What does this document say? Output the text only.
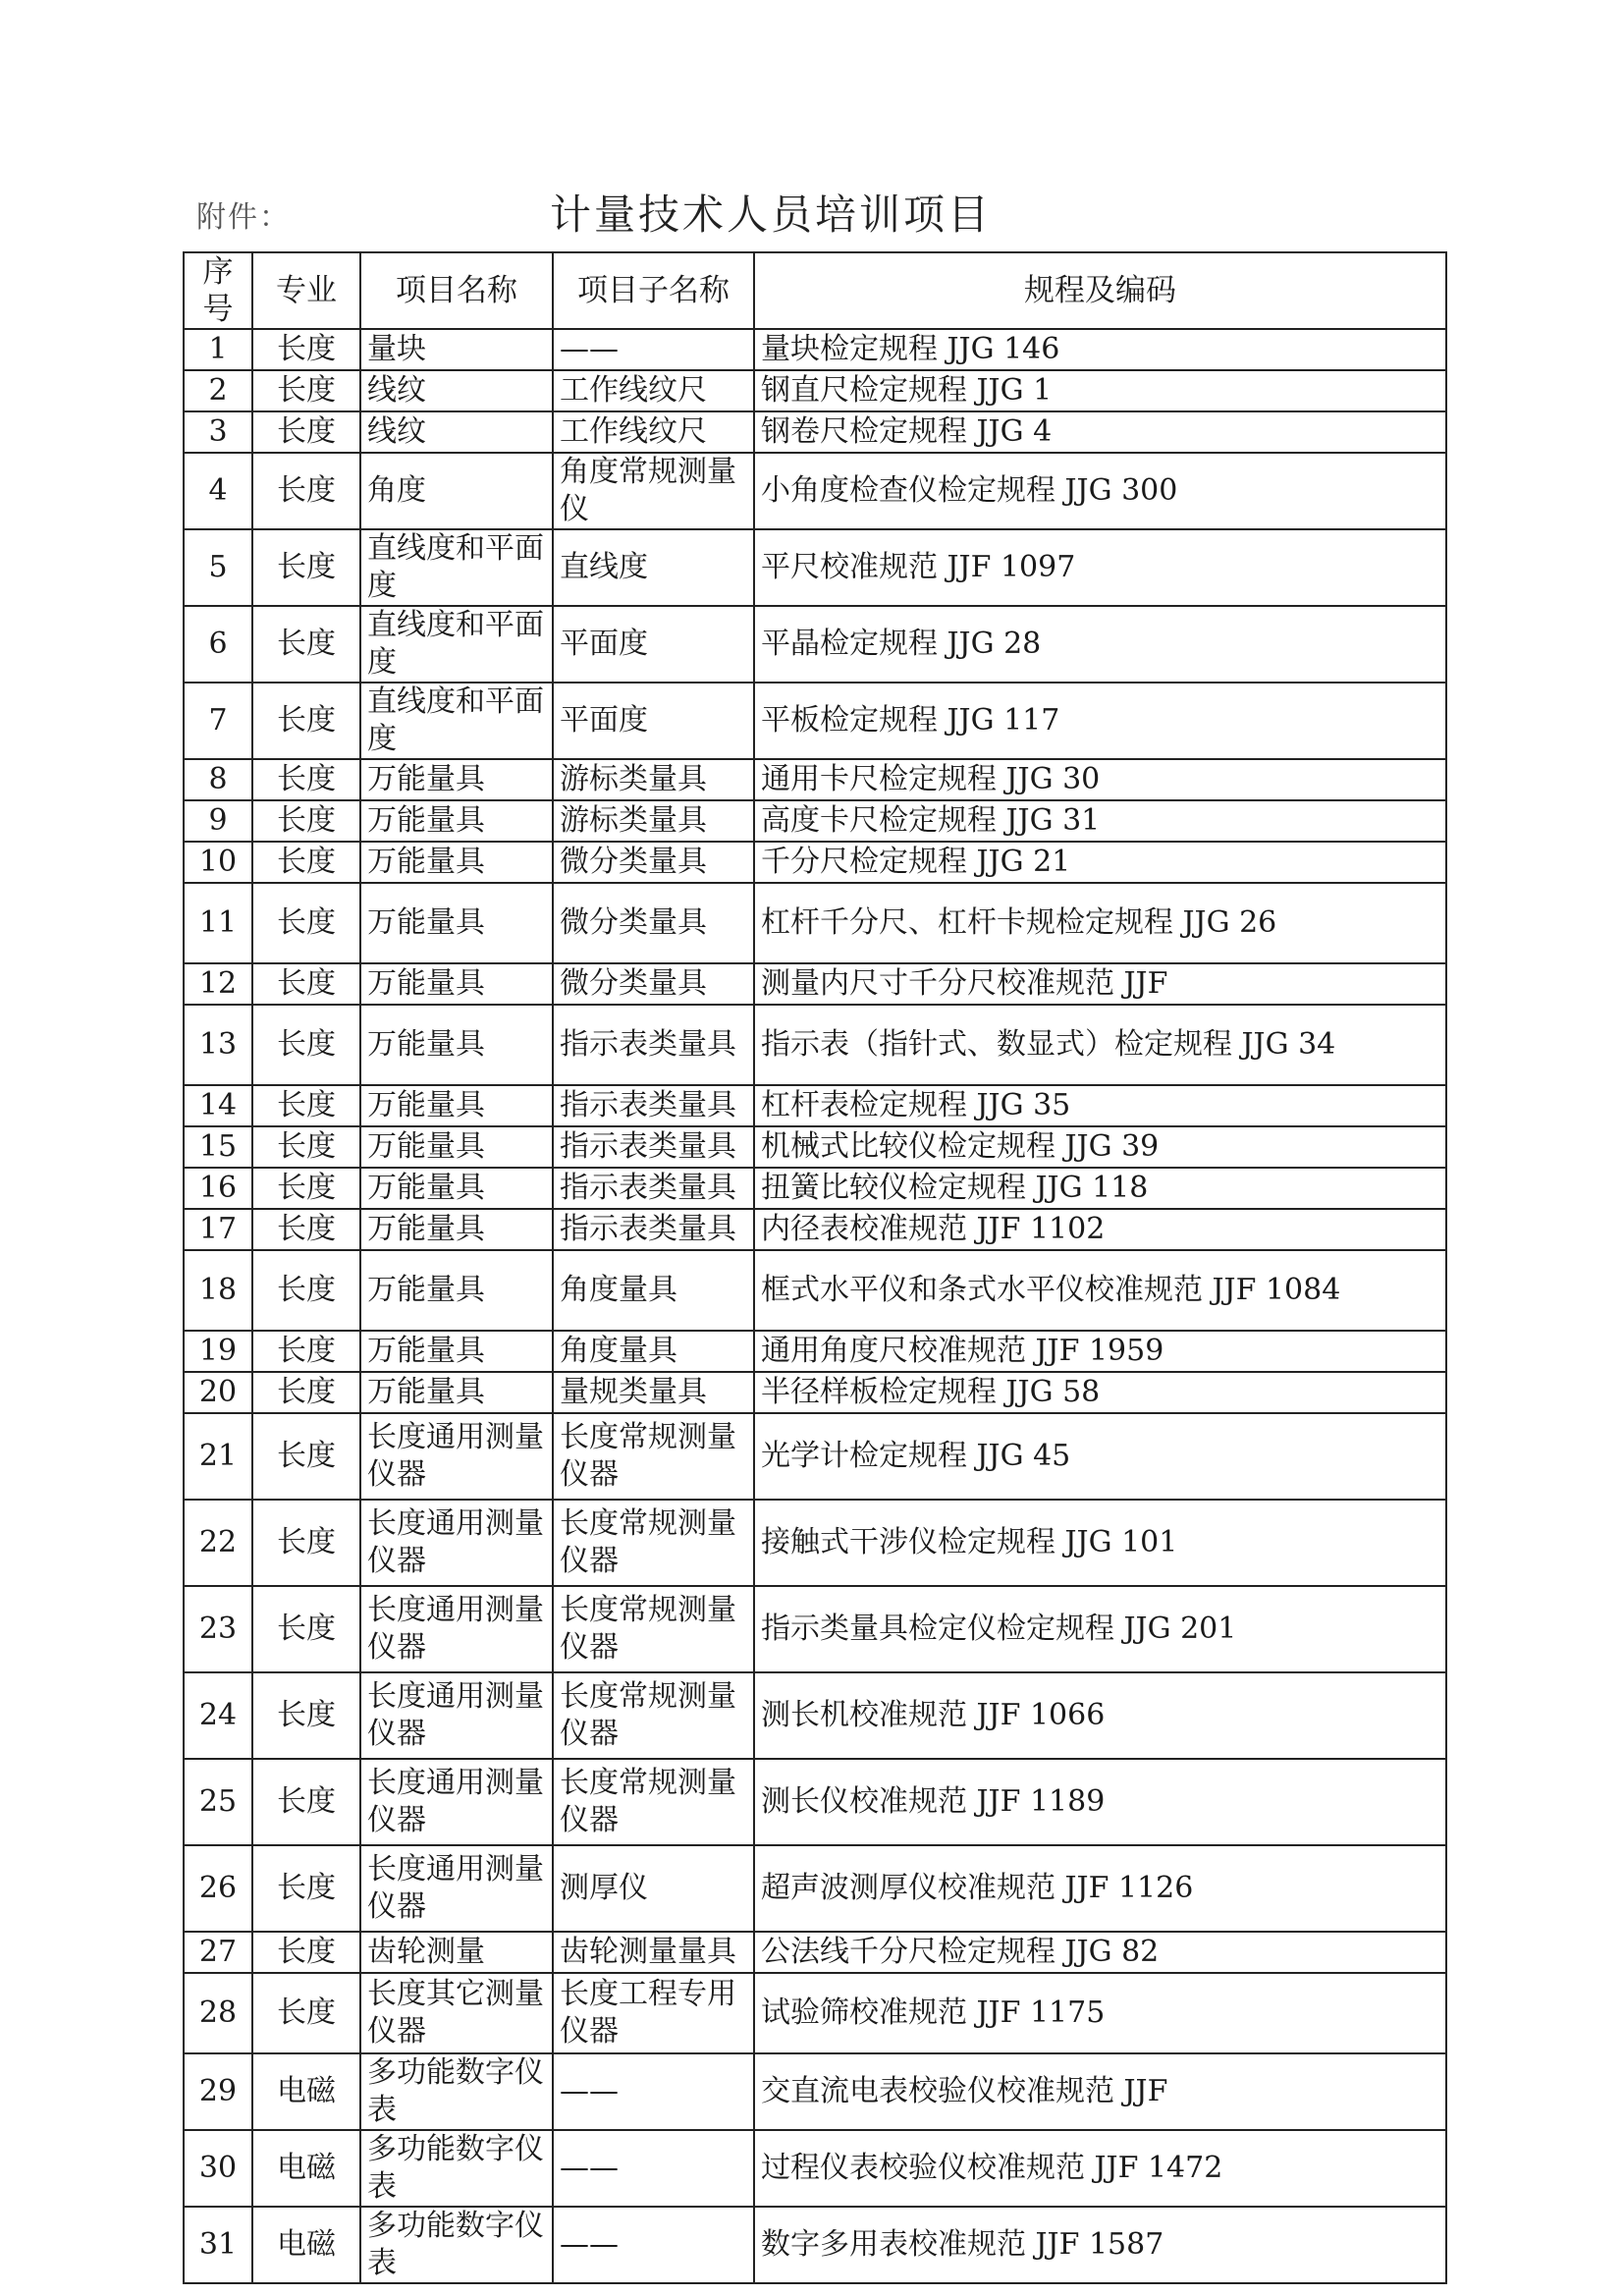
附件：	计量技术人员培训项目
序号	专业	项目名称	项目子名称	规程及编码
1	长度	量块	——	量块检定规程 JJG 146
2	长度	线纹	工作线纹尺	钢直尺检定规程 JJG 1
3	长度	线纹	工作线纹尺	钢卷尺检定规程 JJG 4
4	长度	角度	角度常规测量仪	小角度检查仪检定规程 JJG 300
5	长度	直线度和平面度	直线度	平尺校准规范 JJF 1097
6	长度	直线度和平面度	平面度	平晶检定规程 JJG 28
7	长度	直线度和平面度	平面度	平板检定规程 JJG 117
8	长度	万能量具	游标类量具	通用卡尺检定规程 JJG 30
9	长度	万能量具	游标类量具	高度卡尺检定规程 JJG 31
10	长度	万能量具	微分类量具	千分尺检定规程 JJG 21
11	长度	万能量具	微分类量具	杠杆千分尺、杠杆卡规检定规程 JJG 26
12	长度	万能量具	微分类量具	测量内尺寸千分尺校准规范 JJF
13	长度	万能量具	指示表类量具	指示表（指针式、数显式）检定规程 JJG 34
14	长度	万能量具	指示表类量具	杠杆表检定规程 JJG 35
15	长度	万能量具	指示表类量具	机械式比较仪检定规程 JJG 39
16	长度	万能量具	指示表类量具	扭簧比较仪检定规程 JJG 118
17	长度	万能量具	指示表类量具	内径表校准规范 JJF 1102
18	长度	万能量具	角度量具	框式水平仪和条式水平仪校准规范 JJF 1084
19	长度	万能量具	角度量具	通用角度尺校准规范 JJF 1959
20	长度	万能量具	量规类量具	半径样板检定规程 JJG 58
21	长度	长度通用测量仪器	长度常规测量仪器	光学计检定规程 JJG 45
22	长度	长度通用测量仪器	长度常规测量仪器	接触式干涉仪检定规程 JJG 101
23	长度	长度通用测量仪器	长度常规测量仪器	指示类量具检定仪检定规程 JJG 201
24	长度	长度通用测量仪器	长度常规测量仪器	测长机校准规范 JJF 1066
25	长度	长度通用测量仪器	长度常规测量仪器	测长仪校准规范 JJF 1189
26	长度	长度通用测量仪器	测厚仪	超声波测厚仪校准规范 JJF 1126
27	长度	齿轮测量	齿轮测量量具	公法线千分尺检定规程 JJG 82
28	长度	长度其它测量仪器	长度工程专用仪器	试验筛校准规范 JJF 1175
29	电磁	多功能数字仪表	——	交直流电表校验仪校准规范 JJF
30	电磁	多功能数字仪表	——	过程仪表校验仪校准规范 JJF 1472
31	电磁	多功能数字仪表	——	数字多用表校准规范 JJF 1587
